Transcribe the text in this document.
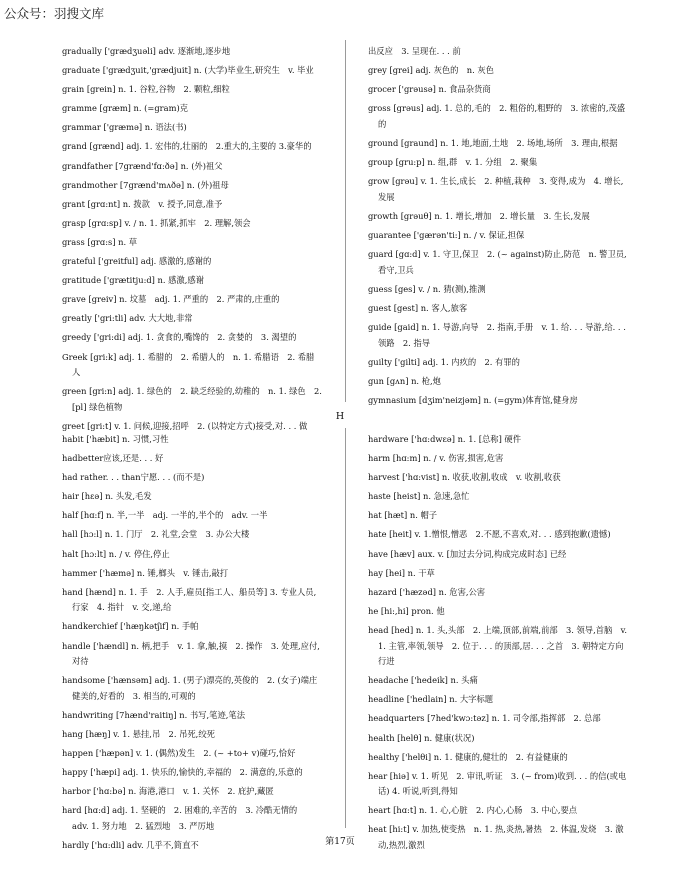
公众号：羽搜文库
gradually ['grædʒuəli] adv. 逐渐地,逐步地
graduate ['grædʒuit,'grædjuit] n. (大学)毕业生,研究生　v. 毕业
grain [grein] n. 1. 谷粒,谷物　2. 颗粒,细粒
gramme [græm] n. (=gram)克
grammar ['græmə] n. 语法(书)
grand [grænd] adj. 1. 宏伟的,壮丽的　2.重大的,主要的 3.豪华的
grandfather [7grænd'fɑ:ðə] n. (外)祖父
grandmother [7grænd'mʌðə] n. (外)祖母
grant [grɑ:nt] n. 拨款　v. 授予,同意,准予
grasp [grɑ:sp] v. / n. 1. 抓紧,抓牢　2. 理解,领会
grass [grɑ:s] n. 草
grateful ['greitful] adj. 感激的,感谢的
gratitude ['grætitju:d] n. 感激,感谢
grave [greiv] n. 坟墓　adj. 1. 严重的　2. 严肃的,庄重的
greatly ['gri:tli] adv. 大大地,非常
greedy ['gri:di] adj. 1. 贪食的,嘴馋的　2. 贪婪的　3. 渴望的
Greek [gri:k] adj. 1. 希腊的　2. 希腊人的　n. 1. 希腊语　2. 希腊人
green [gri:n] adj. 1. 绿色的　2. 缺乏经验的,幼稚的　n. 1. 绿色　2. [pl] 绿色植物
greet [gri:t] v. 1. 问候,迎接,招呼　2. (以特定方式)接受,对. . . 做
出反应　3. 呈现在. . . 前
grey [grei] adj. 灰色的　n. 灰色
grocer ['grəusə] n. 食品杂货商
gross [grəus] adj. 1. 总的,毛的　2. 粗俗的,粗野的　3. 浓密的,茂盛的
ground [graund] n. 1. 地,地面,土地　2. 场地,场所　3. 理由,根据
group [gru:p] n. 组,群　v. 1. 分组　2. 聚集
grow [grəu] v. 1. 生长,成长　2. 种植,栽种　3. 变得,成为　4. 增长,发展
growth [grəuθ] n. 1. 增长,增加　2. 增长量　3. 生长,发展
guarantee ['gærən'ti:] n. / v. 保证,担保
guard [gɑ:d] v. 1. 守卫,保卫　2. (~ against)防止,防范　n. 警卫员,看守,卫兵
guess [ges] v. / n. 猜(测),推测
guest [gest] n. 客人,旅客
guide [gaid] n. 1. 导游,向导　2. 指南,手册　v. 1. 给. . . 导游,给. . . 领路　2. 指导
guilty ['gilti] adj. 1. 内疚的　2. 有罪的
gun [gʌn] n. 枪,炮
gymnasium [dʒim'neizjəm] n. (=gym)体育馆,健身房
H
habit ['hæbit] n. 习惯,习性
hadbetter应该,还是. . . 好
had rather. . . than宁愿. . . (而不是)
hair [hɛə] n. 头发,毛发
half [hɑ:f] n. 半,一半　adj. 一半的,半个的　adv. 一半
hall [hɔ:l] n. 1. 门厅　2. 礼堂,会堂　3. 办公大楼
halt [hɔ:lt] n. / v. 停住,停止
hammer ['hæmə] n. 锤,榔头　v. 锤击,敲打
hand [hænd] n. 1. 手　2. 人手,雇员[指工人、船员等] 3. 专业人员,行家　4. 指针　v. 交,递,给
handkerchief ['hæŋkətʃif] n. 手帕
handle ['hændl] n. 柄,把手　v. 1. 拿,触,摸　2. 操作　3. 处理,应付,对待
handsome ['hænsəm] adj. 1. (男子)漂亮的,英俊的　2. (女子)端庄健美的,好看的　3. 相当的,可观的
handwriting [7hænd'raitiŋ] n. 书写,笔迹,笔法
hang [hæŋ] v. 1. 悬挂,吊　2. 吊死,绞死
happen ['hæpən] v. 1. (偶然)发生　2. (~ +to+ v)碰巧,恰好
happy ['hæpi] adj. 1. 快乐的,愉快的,幸福的　2. 满意的,乐意的
harbor ['hɑ:bə] n. 海港,港口　v. 1. 关怀　2. 庇护,藏匿
hard [hɑ:d] adj. 1. 坚硬的　2. 困难的,辛苦的　3. 冷酷无情的　adv. 1. 努力地　2. 猛烈地　3. 严厉地
hardly ['hɑ:dli] adv. 几乎不,简直不
hardware ['hɑ:dwɛə] n. 1. [总称] 硬件
harm [hɑ:m] n. / v. 伤害,损害,危害
harvest ['hɑ:vist] n. 收获,收割,收成　v. 收割,收获
haste [heist] n. 急速,急忙
hat [hæt] n. 帽子
hate [heit] v. 1.憎恨,憎恶　2.不愿,不喜欢,对. . . 感到抱歉(遗憾)
have [hæv] aux. v. [加过去分词,构成完成时态] 已经
hay [hei] n. 干草
hazard ['hæzəd] n. 危害,公害
he [hi:,hi] pron. 他
head [hed] n. 1. 头,头部　2. 上端,顶部,前端,前部　3. 领导,首脑　v. 1. 主管,率领,领导　2. 位于. . . 的顶部,居. . . 之首　3. 朝特定方向行进
headache ['hedeik] n. 头痛
headline ['hedlain] n. 大字标题
headquarters [7hed'kwɔ:təz] n. 1. 司令部,指挥部　2. 总部
health [helθ] n. 健康(状况)
healthy ['helθi] n. 1. 健康的,健壮的　2. 有益健康的
hear [hiə] v. 1. 听见　2. 审讯,听证　3. (~ from)收到. . . 的信(或电话) 4. 听说,听到,得知
heart [hɑ:t] n. 1. 心,心脏　2. 内心,心肠　3. 中心,要点
heat [hi:t] v. 加热,使变热　n. 1. 热,炎热,暑热　2. 体温,发烧　3. 激动,热烈,激烈
第17页
